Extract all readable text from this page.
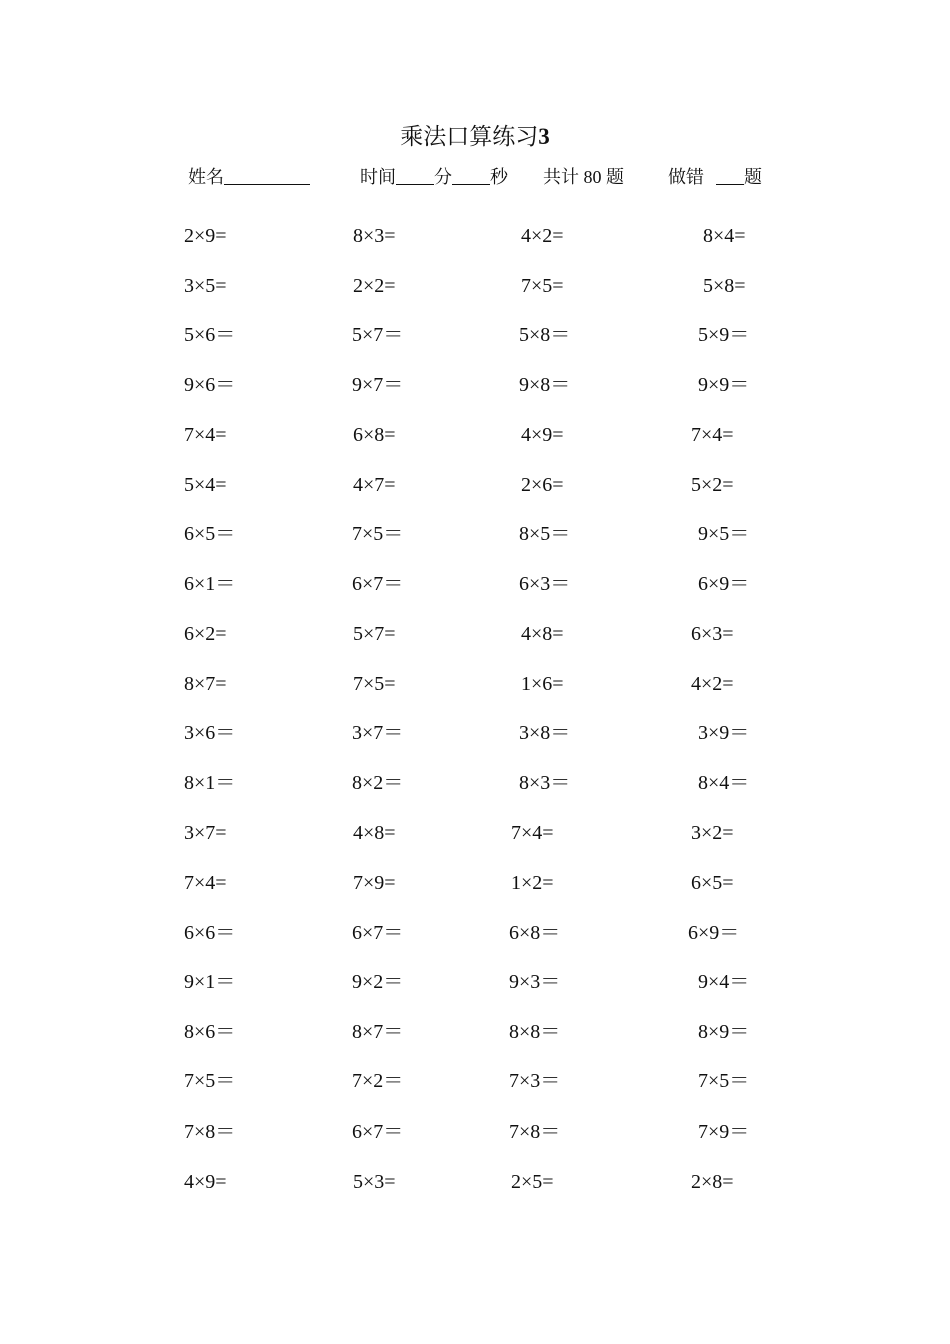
乘法口算练习3
姓名	时间 分 秒 共计 80 题 做错 题
2×9=	8×3=	4×2=	8×4=
3×5=	2×2=	7×5=	5×8=
5×6＝	5×7＝	5×8＝	5×9＝
9×6＝	9×7＝	9×8＝	9×9＝
7×4=	6×8=	4×9=	7×4=
5×4=	4×7=	2×6=	5×2=
6×5＝	7×5＝	8×5＝	9×5＝
6×1＝	6×7＝	6×3＝	6×9＝
6×2=	5×7=	4×8=	6×3=
8×7=	7×5=	1×6=	4×2=
3×6＝	3×7＝	3×8＝	3×9＝
8×1＝	8×2＝	8×3＝	8×4＝
3×7=	4×8=	7×4=	3×2=
7×4=	7×9=	1×2=	6×5=
6×6＝	6×7＝	6×8＝	6×9＝
9×1＝	9×2＝	9×3＝	9×4＝
8×6＝	8×7＝	8×8＝	8×9＝
7×5＝	7×2＝	7×3＝	7×5＝
7×8＝	6×7＝	7×8＝	7×9＝
4×9=	5×3=	2×5=	2×8=
